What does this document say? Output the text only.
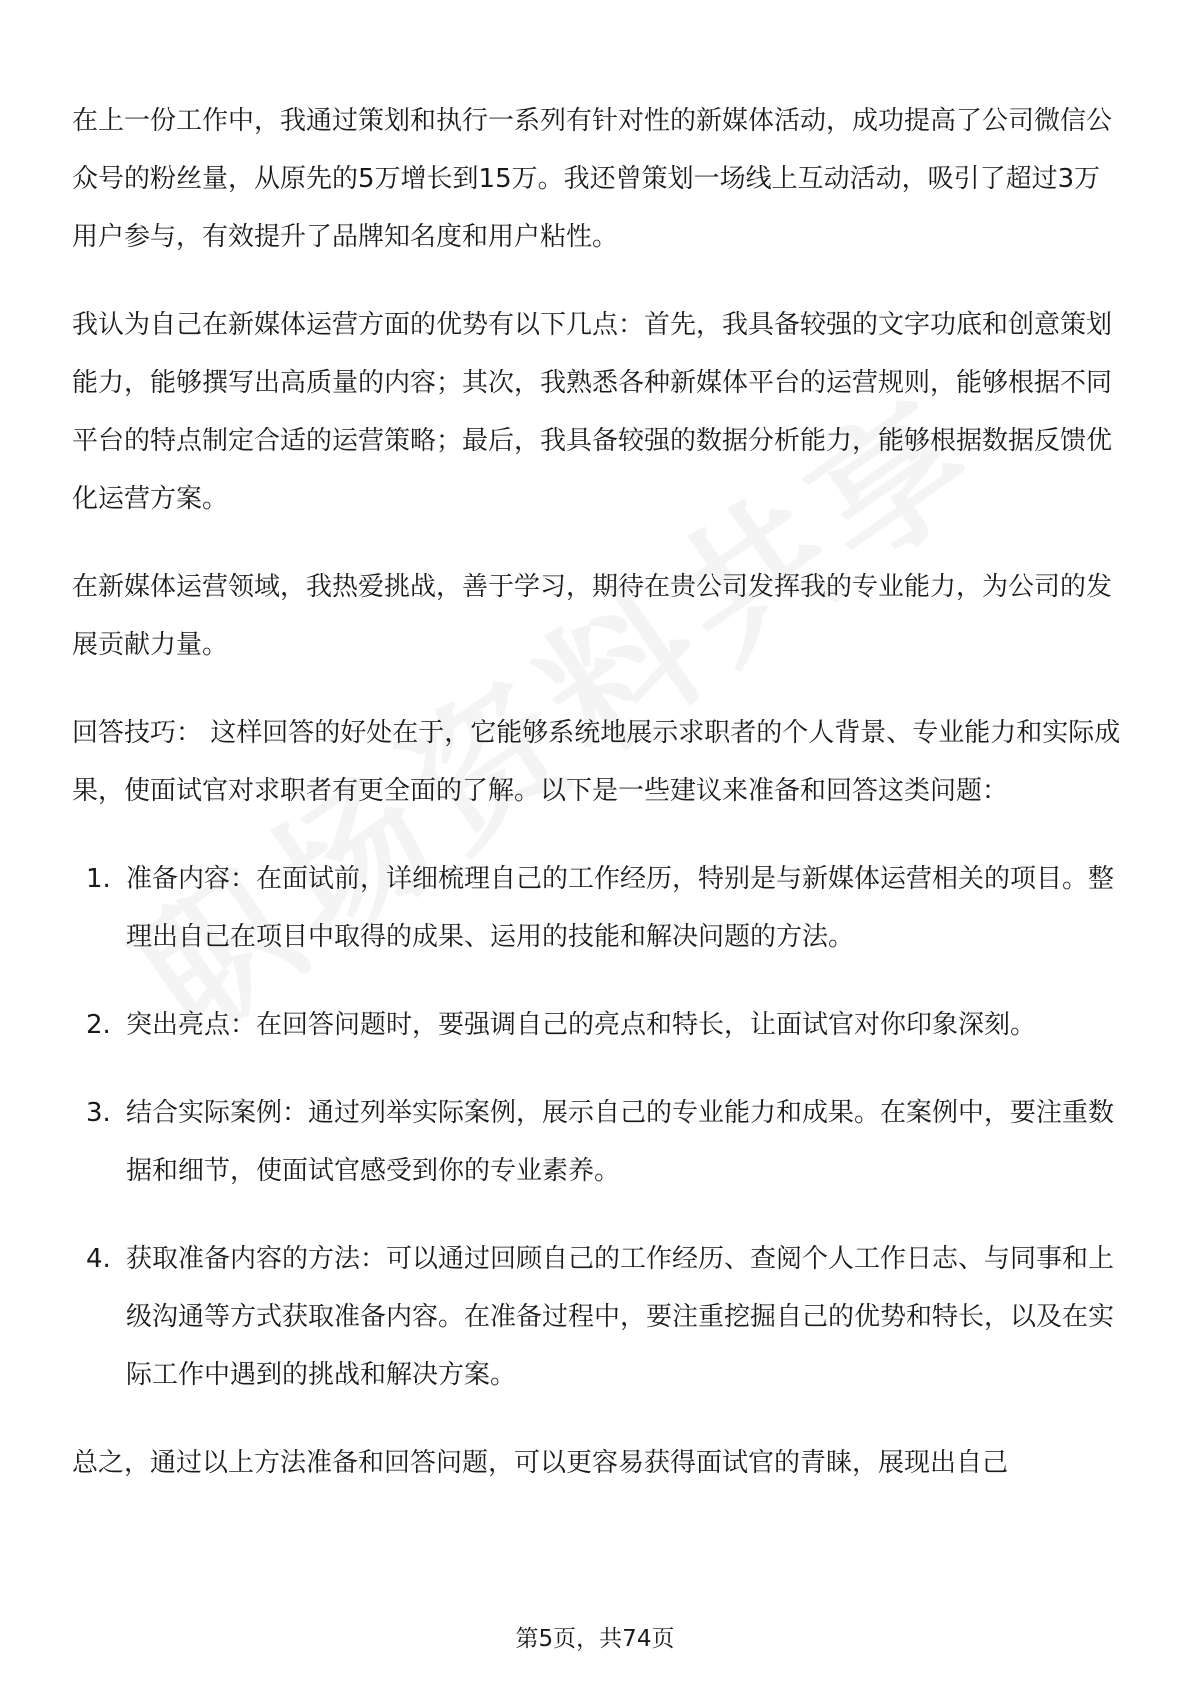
在上一份工作中，我通过策划和执行一系列有针对性的新媒体活动，成功提高了公司微信公众号的粉丝量，从原先的5万增长到15万。我还曾策划一场线上互动活动，吸引了超过3万用户参与，有效提升了品牌知名度和用户粘性。

我认为自己在新媒体运营方面的优势有以下几点：首先，我具备较强的文字功底和创意策划能力，能够撰写出高质量的内容；其次，我熟悉各种新媒体平台的运营规则，能够根据不同平台的特点制定合适的运营策略；最后，我具备较强的数据分析能力，能够根据数据反馈优化运营方案。

在新媒体运营领域，我热爱挑战，善于学习，期待在贵公司发挥我的专业能力，为公司的发展贡献力量。

回答技巧： 这样回答的好处在于，它能够系统地展示求职者的个人背景、专业能力和实际成果，使面试官对求职者有更全面的了解。以下是一些建议来准备和回答这类问题：

1. 准备内容：在面试前，详细梳理自己的工作经历，特别是与新媒体运营相关的项目。整理出自己在项目中取得的成果、运用的技能和解决问题的方法。
2. 突出亮点：在回答问题时，要强调自己的亮点和特长，让面试官对你印象深刻。
3. 结合实际案例：通过列举实际案例，展示自己的专业能力和成果。在案例中，要注重数据和细节，使面试官感受到你的专业素养。
4. 获取准备内容的方法：可以通过回顾自己的工作经历、查阅个人工作日志、与同事和上级沟通等方式获取准备内容。在准备过程中，要注重挖掘自己的优势和特长，以及在实际工作中遇到的挑战和解决方案。

总之，通过以上方法准备和回答问题，可以更容易获得面试官的青睐，展现出自己

第5页，共74页
